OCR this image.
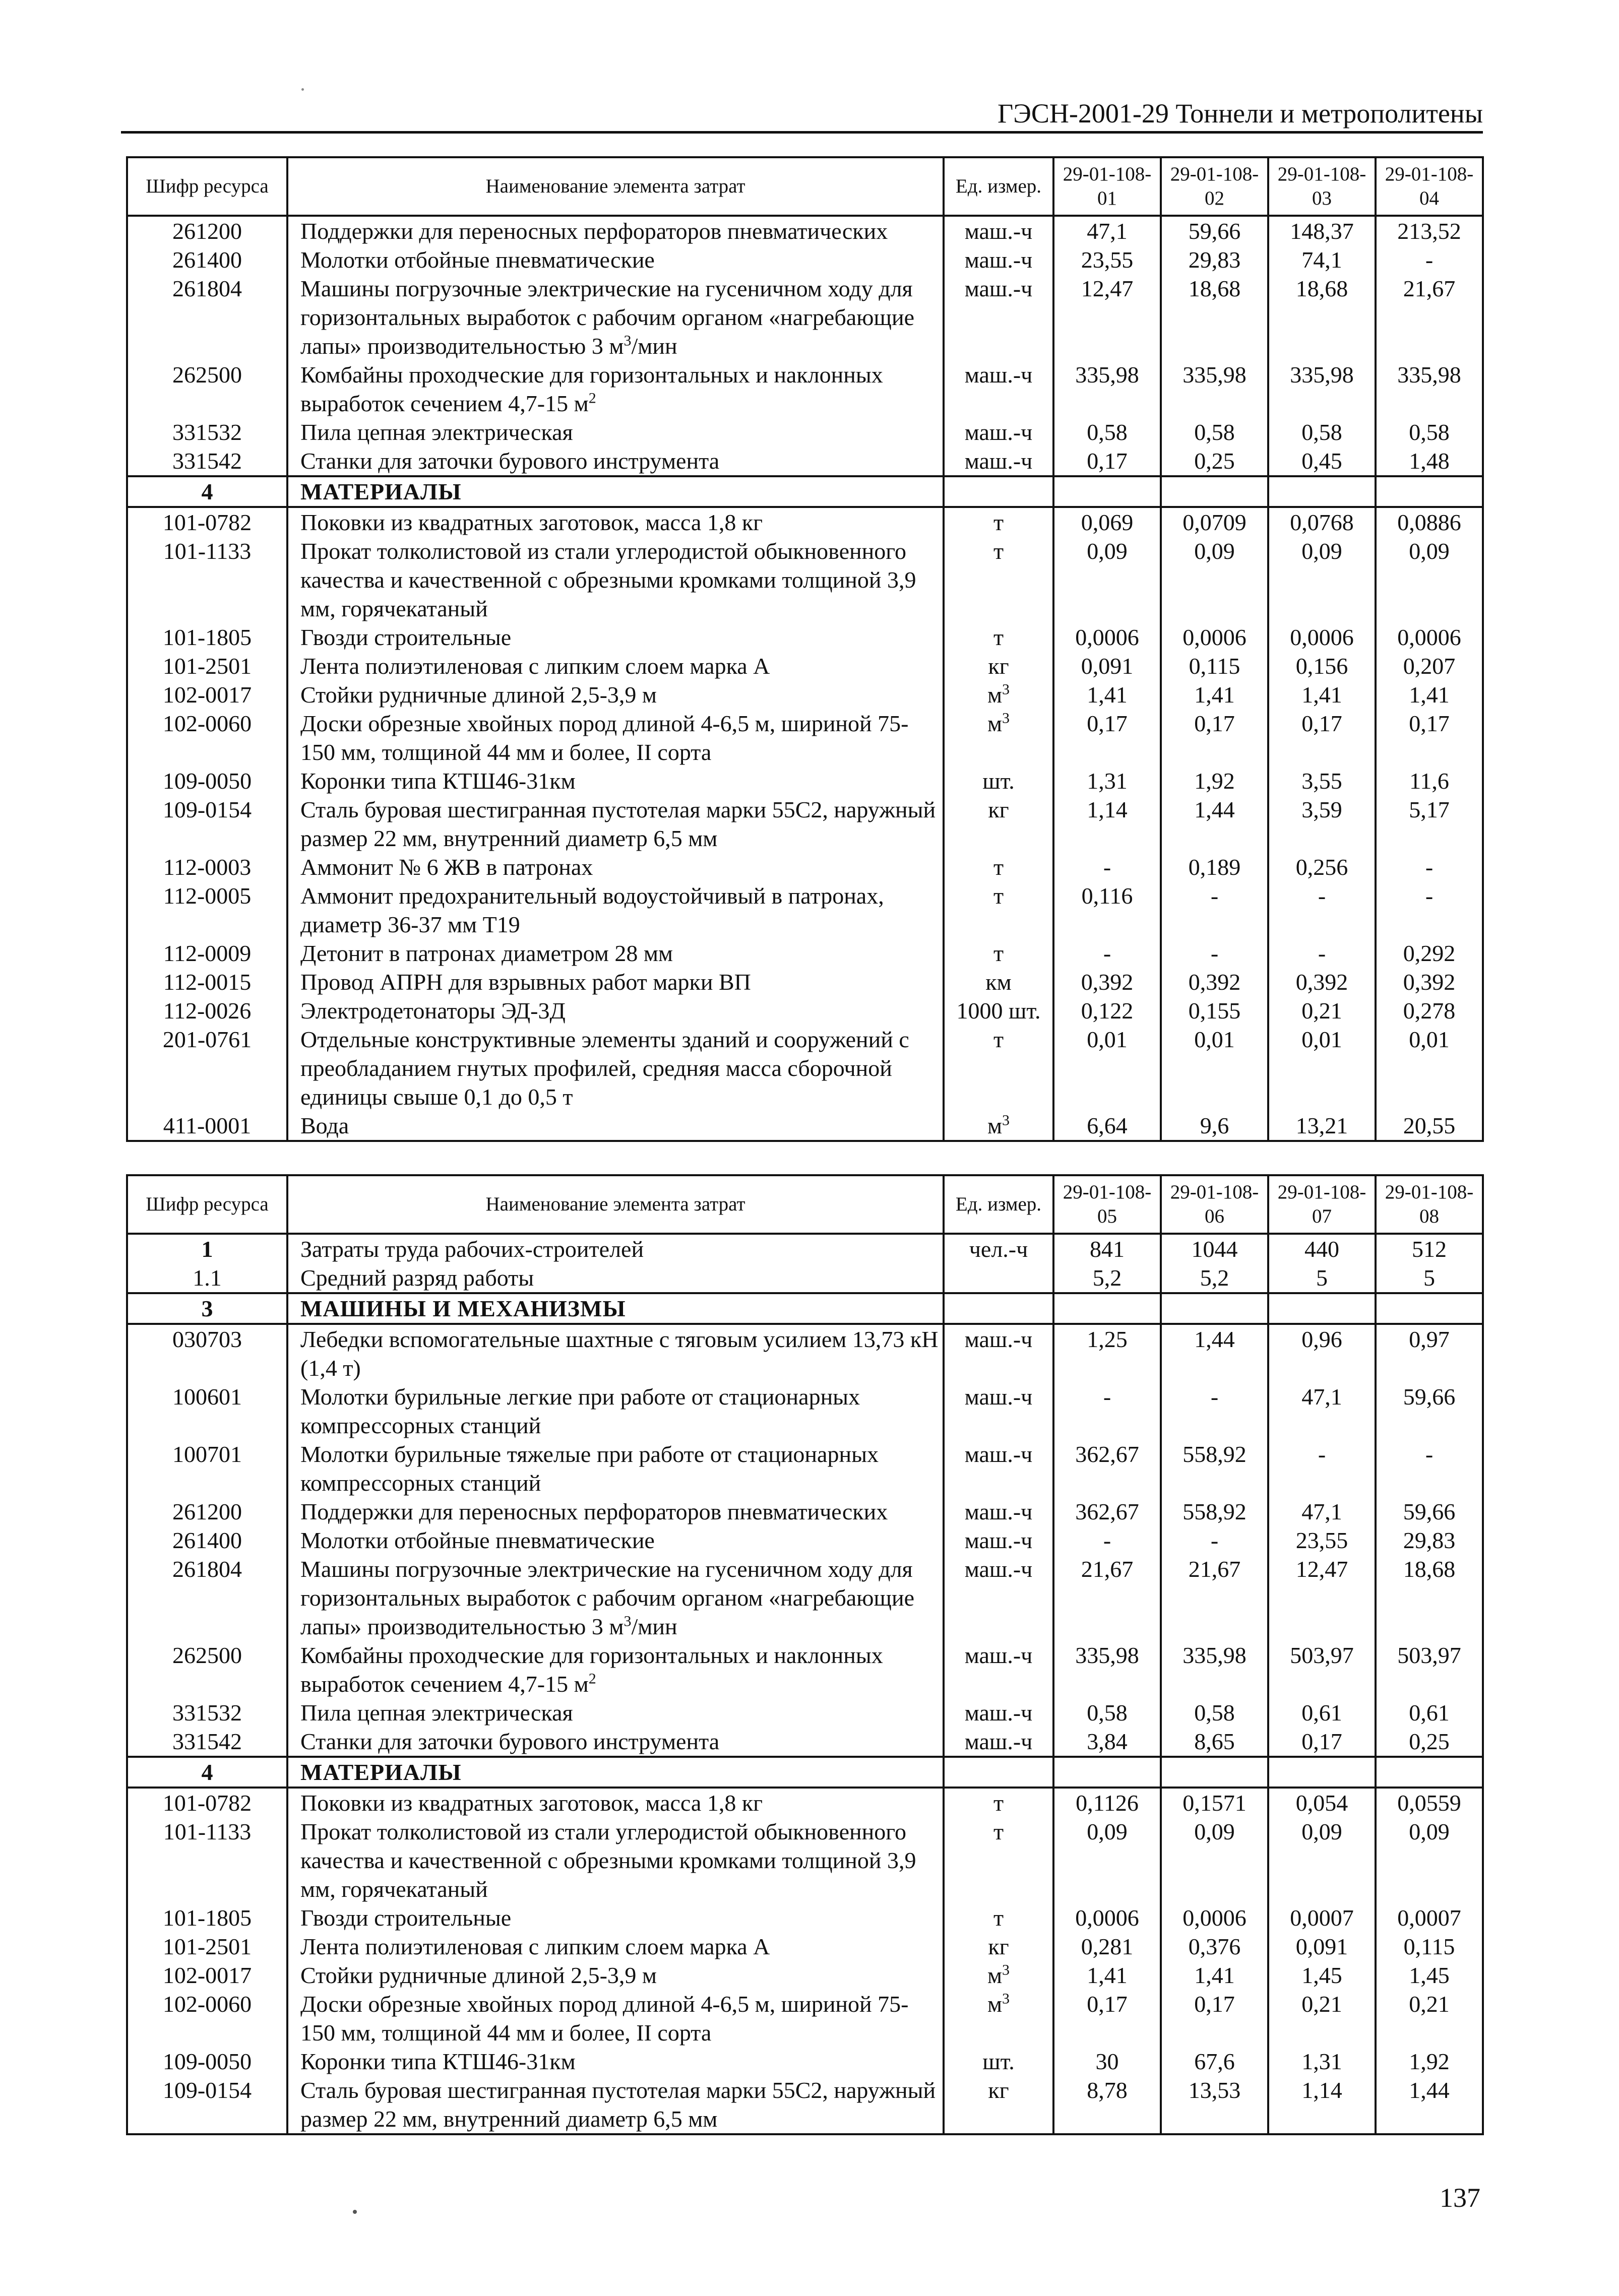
ГЭСН-2001-29 Тоннели и метрополитены
Шифр ресурса	Наименование элемента затрат	Ед. измер.	29-01-108-01	29-01-108-02	29-01-108-03	29-01-108-04
261200	Поддержки для переносных перфораторов пневматических	маш.-ч	47,1	59,66	148,37	213,52
261400	Молотки отбойные пневматические	маш.-ч	23,55	29,83	74,1	-
261804	Машины погрузочные электрические на гусеничном ходу для горизонтальных выработок с рабочим органом «нагребающие лапы» производительностью 3 $м^3$/мин	маш.-ч	12,47	18,68	18,68	21,67
262500	Комбайны проходческие для горизонтальных и наклонных выработок сечением 4,7-15 $м^2$	маш.-ч	335,98	335,98	335,98	335,98
331532	Пила цепная электрическая	маш.-ч	0,58	0,58	0,58	0,58
331542	Станки для заточки бурового инструмента	маш.-ч	0,17	0,25	0,45	1,48
4	МАТЕРИАЛЫ					
101-0782	Поковки из квадратных заготовок, масса 1,8 кг	т	0,069	0,0709	0,0768	0,0886
101-1133	Прокат толколистовой из стали углеродистой обыкновенного качества и качественной с обрезными кромками толщиной 3,9 мм, горячекатаный	т	0,09	0,09	0,09	0,09
101-1805	Гвозди строительные	т	0,0006	0,0006	0,0006	0,0006
101-2501	Лента полиэтиленовая с липким слоем марка А	кг	0,091	0,115	0,156	0,207
102-0017	Стойки рудничные длиной 2,5-3,9 м	$м^3$	1,41	1,41	1,41	1,41
102-0060	Доски обрезные хвойных пород длиной 4-6,5 м, шириной 75-150 мм, толщиной 44 мм и более, II сорта	$м^3$	0,17	0,17	0,17	0,17
109-0050	Коронки типа КТШ46-31км	шт.	1,31	1,92	3,55	11,6
109-0154	Сталь буровая шестигранная пустотелая марки 55С2, наружный размер 22 мм, внутренний диаметр 6,5 мм	кг	1,14	1,44	3,59	5,17
112-0003	Аммонит № 6 ЖВ в патронах	т	-	0,189	0,256	-
112-0005	Аммонит предохранительный водоустойчивый в патронах, диаметр 36-37 мм Т19	т	0,116	-	-	-
112-0009	Детонит в патронах диаметром 28 мм	т	-	-	-	0,292
112-0015	Провод АПРН для взрывных работ марки ВП	км	0,392	0,392	0,392	0,392
112-0026	Электродетонаторы ЭД-3Д	1000 шт.	0,122	0,155	0,21	0,278
201-0761	Отдельные конструктивные элементы зданий и сооружений с преобладанием гнутых профилей, средняя масса сборочной единицы свыше 0,1 до 0,5 т	т	0,01	0,01	0,01	0,01
411-0001	Вода	$м^3$	6,64	9,6	13,21	20,55
Шифр ресурса	Наименование элемента затрат	Ед. измер.	29-01-108-05	29-01-108-06	29-01-108-07	29-01-108-08
1	Затраты труда рабочих-строителей	чел.-ч	841	1044	440	512
1.1	Средний разряд работы		5,2	5,2	5	5
3	МАШИНЫ И МЕХАНИЗМЫ					
030703	Лебедки вспомогательные шахтные с тяговым усилием 13,73 кН (1,4 т)	маш.-ч	1,25	1,44	0,96	0,97
100601	Молотки бурильные легкие при работе от стационарных компрессорных станций	маш.-ч	-	-	47,1	59,66
100701	Молотки бурильные тяжелые при работе от стационарных компрессорных станций	маш.-ч	362,67	558,92	-	-
261200	Поддержки для переносных перфораторов пневматических	маш.-ч	362,67	558,92	47,1	59,66
261400	Молотки отбойные пневматические	маш.-ч	-	-	23,55	29,83
261804	Машины погрузочные электрические на гусеничном ходу для горизонтальных выработок с рабочим органом «нагребающие лапы» производительностью 3 $м^3$/мин	маш.-ч	21,67	21,67	12,47	18,68
262500	Комбайны проходческие для горизонтальных и наклонных выработок сечением 4,7-15 $м^2$	маш.-ч	335,98	335,98	503,97	503,97
331532	Пила цепная электрическая	маш.-ч	0,58	0,58	0,61	0,61
331542	Станки для заточки бурового инструмента	маш.-ч	3,84	8,65	0,17	0,25
4	МАТЕРИАЛЫ					
101-0782	Поковки из квадратных заготовок, масса 1,8 кг	т	0,1126	0,1571	0,054	0,0559
101-1133	Прокат толколистовой из стали углеродистой обыкновенного качества и качественной с обрезными кромками толщиной 3,9 мм, горячекатаный	т	0,09	0,09	0,09	0,09
101-1805	Гвозди строительные	т	0,0006	0,0006	0,0007	0,0007
101-2501	Лента полиэтиленовая с липким слоем марка А	кг	0,281	0,376	0,091	0,115
102-0017	Стойки рудничные длиной 2,5-3,9 м	$м^3$	1,41	1,41	1,45	1,45
102-0060	Доски обрезные хвойных пород длиной 4-6,5 м, шириной 75-150 мм, толщиной 44 мм и более, II сорта	$м^3$	0,17	0,17	0,21	0,21
109-0050	Коронки типа КТШ46-31км	шт.	30	67,6	1,31	1,92
109-0154	Сталь буровая шестигранная пустотелая марки 55С2, наружный размер 22 мм, внутренний диаметр 6,5 мм	кг	8,78	13,53	1,14	1,44
137
